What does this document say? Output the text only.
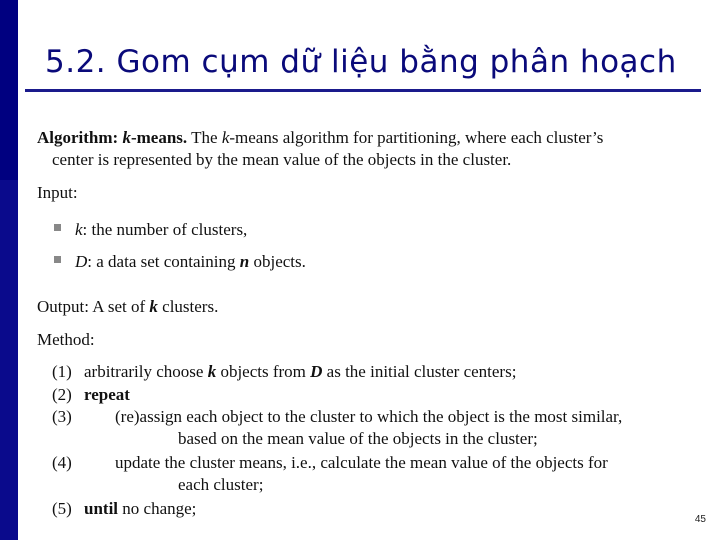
5.2. Gom cụm dữ liệu bằng phân hoạch
Algorithm: k-means. The k-means algorithm for partitioning, where each cluster’s
center is represented by the mean value of the objects in the cluster.
Input:
k: the number of clusters,
D: a data set containing n objects.
Output: A set of k clusters.
Method:
(1) arbitrarily choose k objects from D as the initial cluster centers;
(2) repeat
(3)	(re)assign each object to the cluster to which the object is the most similar,
based on the mean value of the objects in the cluster;
(4)	update the cluster means, i.e., calculate the mean value of the objects for
each cluster;
(5) until no change;
45
